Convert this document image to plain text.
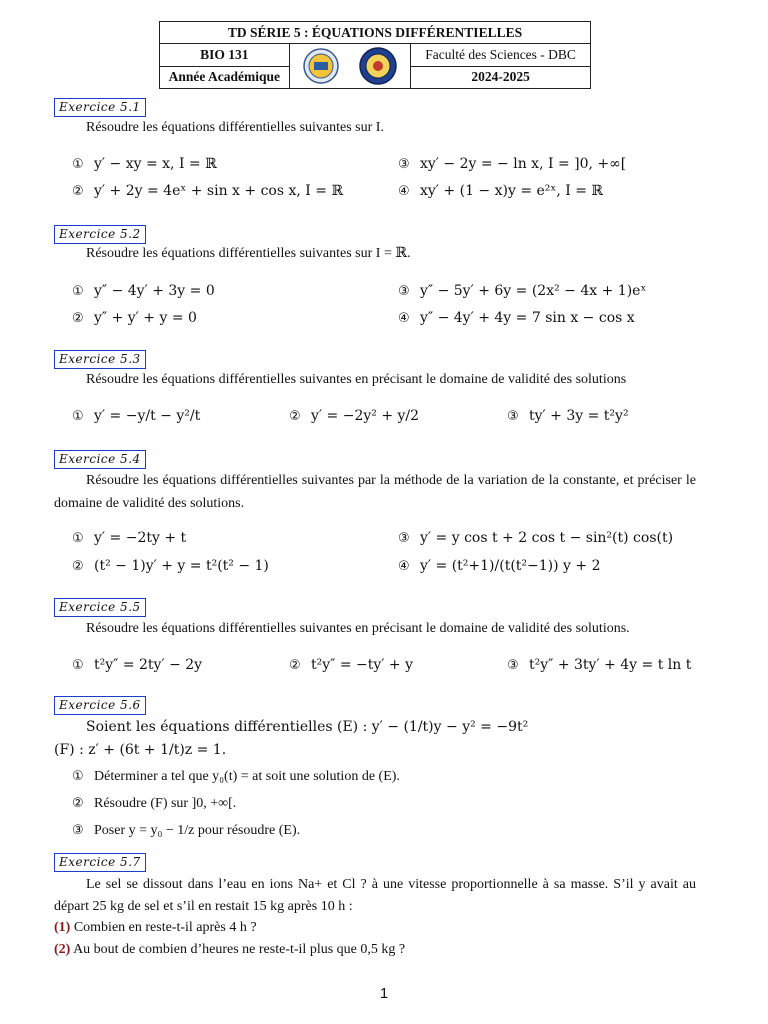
TD SÉRIE 5 : ÉQUATIONS DIFFÉRENTIELLES		
BIO 131		Faculté des Sciences - DBC
Année Académique		2024-2025
Exercice 5.1
Résoudre les équations différentielles suivantes sur I.
① y′ − xy = x, I = ℝ
② y′ + 2y = 4eˣ + sin x + cos x, I = ℝ
③ xy′ − 2y = − ln x, I = ]0, +∞[
④ xy′ + (1 − x)y = e²ˣ, I = ℝ
Exercice 5.2
Résoudre les équations différentielles suivantes sur I = ℝ.
① y″ − 4y′ + 3y = 0
② y″ + y′ + y = 0
③ y″ − 5y′ + 6y = (2x² − 4x + 1)eˣ
④ y″ − 4y′ + 4y = 7 sin x − cos x
Exercice 5.3
Résoudre les équations différentielles suivantes en précisant le domaine de validité des solutions
① y′ = −y/t − y²/t	② y′ = −2y² + y/2	③ ty′ + 3y = t²y²
Exercice 5.4
Résoudre les équations différentielles suivantes par la méthode de la variation de la constante, et préciser le domaine de validité des solutions.
① y′ = −2ty + t
② (t² − 1)y′ + y = t²(t² − 1)
③ y′ = y cos t + 2 cos t − sin²(t) cos(t)
④ y′ = (t²+1)/(t(t²−1)) y + 2
Exercice 5.5
Résoudre les équations différentielles suivantes en précisant le domaine de validité des solutions.
① t²y″ = 2ty′ − 2y	② t²y″ = −ty′ + y	③ t²y″ + 3ty′ + 4y = t ln t
Exercice 5.6
Soient les équations différentielles (E) : y′ − (1/t)y − y² = −9t²
(F) : z′ + (6t + 1/t)z = 1.
① Déterminer a tel que y₀(t) = at soit une solution de (E).
② Résoudre (F) sur ]0, +∞[.
③ Poser y = y₀ − 1/z pour résoudre (E).
Exercice 5.7
Le sel se dissout dans l’eau en ions Na+ et Cl ? à une vitesse proportionnelle à sa masse. S’il y avait au départ 25 kg de sel et s’il en restait 15 kg après 10 h :
(1) Combien en reste-t-il après 4 h ?
(2) Au bout de combien d’heures ne reste-t-il plus que 0,5 kg ?
1
